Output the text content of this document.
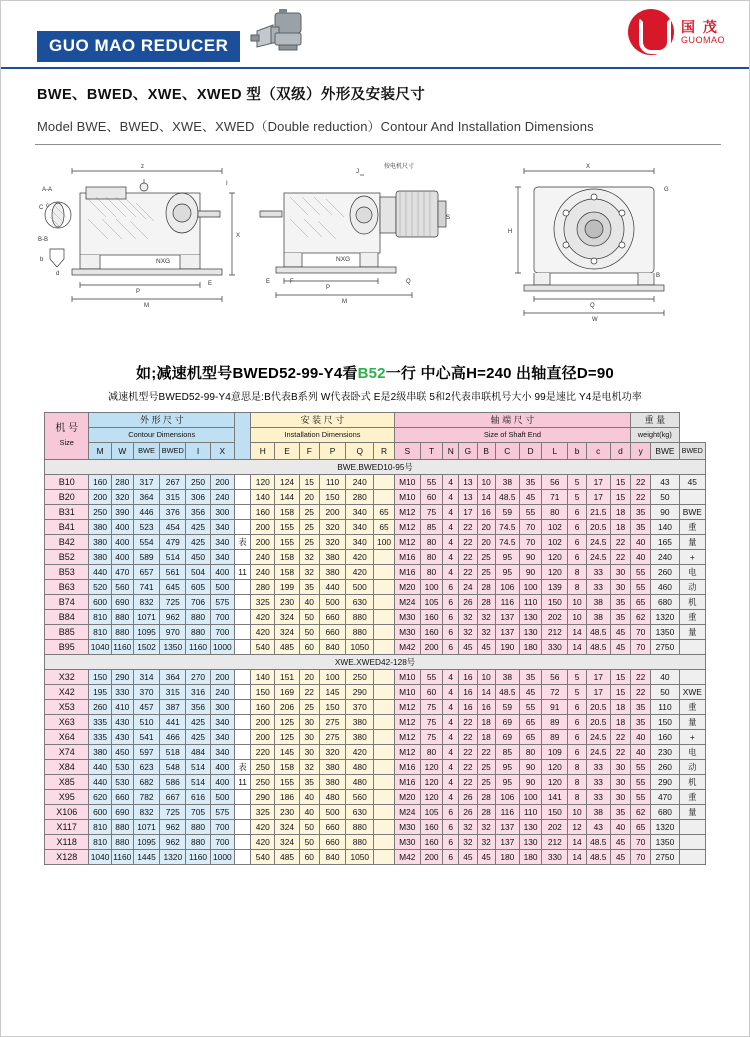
GUO MAO REDUCER
国 茂
GUOMAO
BWE、BWED、XWE、XWED 型（双级）外形及安装尺寸
Model BWE、BWED、XWE、XWED（Double reduction）Contour And Installation Dimensions
z
A-A
C c
B-B
b
d
P
M
X
I
E
NXG
按电机尺寸
J
NXG
P
M
E	F	Q
S
X
H
Q
W
G
B
如;减速机型号BWED52-99-Y4看B52一行 中心高H=240 出轴直径D=90
减速机型号BWED52-99-Y4意思是:B代表B系列 W代表卧式 E是2级串联 5和2代表串联机号大小 99是速比 Y4是电机功率
机 号
Size	外 形 尺 寸							安 装 尺 寸						轴 端 尺 寸											重 量		
	Contour Dimensions							Installation Dimensions						Size of Shaft End											weight(kg)		
	M	W	BWE	BWED	I	X		H	E	F	P	Q	R	S	T	N	G	B	C	D	L	b	c	d	y	BWE	BWED
BWE.BWED10-95号																											
B10	160	280	317	267	250	200		120	124	15	110	240		M10	55	4	13	10	38	35	56	5	17	15	22	43	45
B20	200	320	364	315	306	240		140	144	20	150	280		M10	60	4	13	14	48.5	45	71	5	17	15	22	50	
B31	250	390	446	376	356	300		160	158	25	200	340	65	M12	75	4	17	16	59	55	80	6	21.5	18	35	90	BWE
B41	380	400	523	454	425	340		200	155	25	320	340	65	M12	85	4	22	20	74.5	70	102	6	20.5	18	35	140	重
B42	380	400	554	479	425	340	表	200	155	25	320	340	100	M12	80	4	22	20	74.5	70	102	6	24.5	22	40	165	量
B52	380	400	589	514	450	340		240	158	32	380	420		M16	80	4	22	25	95	90	120	6	24.5	22	40	240	+
B53	440	470	657	561	504	400	11	240	158	32	380	420		M16	80	4	22	25	95	90	120	8	33	30	55	260	电
B63	520	560	741	645	605	500		280	199	35	440	500		M20	100	6	24	28	106	100	139	8	33	30	55	460	动
B74	600	690	832	725	706	575		325	230	40	500	630		M24	105	6	26	28	116	110	150	10	38	35	65	680	机
B84	810	880	1071	962	880	700		420	324	50	660	880		M30	160	6	32	32	137	130	202	10	38	35	62	1320	重
B85	810	880	1095	970	880	700		420	324	50	660	880		M30	160	6	32	32	137	130	212	14	48.5	45	70	1350	量
B95	1040	1160	1502	1350	1160	1000		540	485	60	840	1050		M42	200	6	45	45	190	180	330	14	48.5	45	70	2750	
XWE.XWED42-128号																											
X32	150	290	314	364	270	200		140	151	20	100	250		M10	55	4	16	10	38	35	56	5	17	15	22	40	
X42	195	330	370	315	316	240		150	169	22	145	290		M10	60	4	16	14	48.5	45	72	5	17	15	22	50	XWE
X53	260	410	457	387	356	300		160	206	25	150	370		M12	75	4	16	16	59	55	91	6	20.5	18	35	110	重
X63	335	430	510	441	425	340		200	125	30	275	380		M12	75	4	22	18	69	65	89	6	20.5	18	35	150	量
X64	335	430	541	466	425	340		200	125	30	275	380		M12	75	4	22	18	69	65	89	6	24.5	22	40	160	+
X74	380	450	597	518	484	340		220	145	30	320	420		M12	80	4	22	22	85	80	109	6	24.5	22	40	230	电
X84	440	530	623	548	514	400	表	250	158	32	380	480		M16	120	4	22	25	95	90	120	8	33	30	55	260	动
X85	440	530	682	586	514	400	11	250	155	35	380	480		M16	120	4	22	25	95	90	120	8	33	30	55	290	机
X95	620	660	782	667	616	500		290	186	40	480	560		M20	120	4	26	28	106	100	141	8	33	30	55	470	重
X106	600	690	832	725	705	575		325	230	40	500	630		M24	105	6	26	28	116	110	150	10	38	35	62	680	量
X117	810	880	1071	962	880	700		420	324	50	660	880		M30	160	6	32	32	137	130	202	12	43	40	65	1320	
X118	810	880	1095	962	880	700		420	324	50	660	880		M30	160	6	32	32	137	130	212	14	48.5	45	70	1350	
X128	1040	1160	1445	1320	1160	1000		540	485	60	840	1050		M42	200	6	45	45	180	180	330	14	48.5	45	70	2750	
